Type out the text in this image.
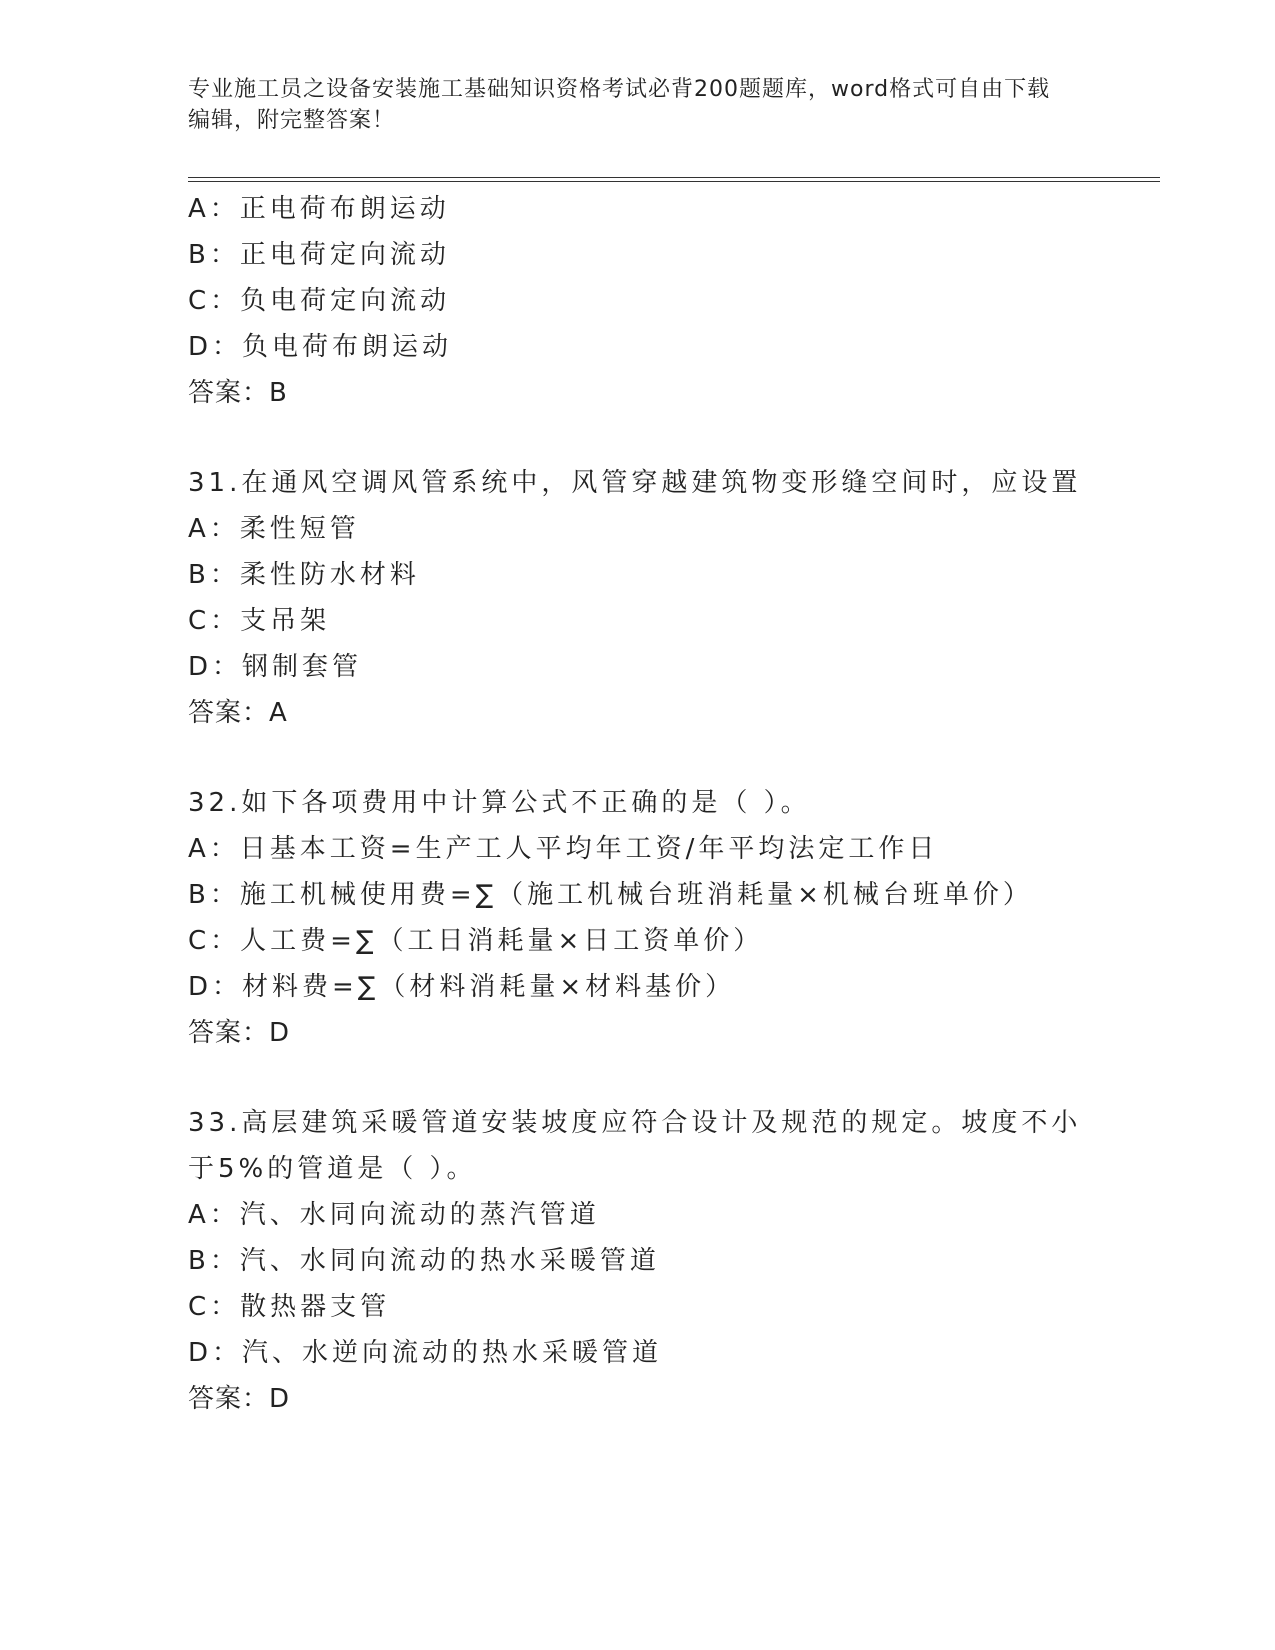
专业施工员之设备安装施工基础知识资格考试必背200题题库，word格式可自由下载编辑，附完整答案！
A：正电荷布朗运动
B：正电荷定向流动
C：负电荷定向流动
D：负电荷布朗运动
答案：B
31.在通风空调风管系统中，风管穿越建筑物变形缝空间时，应设置
A：柔性短管
B：柔性防水材料
C：支吊架
D：钢制套管
答案：A
32.如下各项费用中计算公式不正确的是（ ）。
A：日基本工资=生产工人平均年工资/年平均法定工作日
B：施工机械使用费=∑（施工机械台班消耗量×机械台班单价）
C：人工费=∑（工日消耗量×日工资单价）
D：材料费=∑（材料消耗量×材料基价）
答案：D
33.高层建筑采暖管道安装坡度应符合设计及规范的规定。坡度不小于5%的管道是（ ）。
A：汽、水同向流动的蒸汽管道
B：汽、水同向流动的热水采暖管道
C：散热器支管
D：汽、水逆向流动的热水采暖管道
答案：D
